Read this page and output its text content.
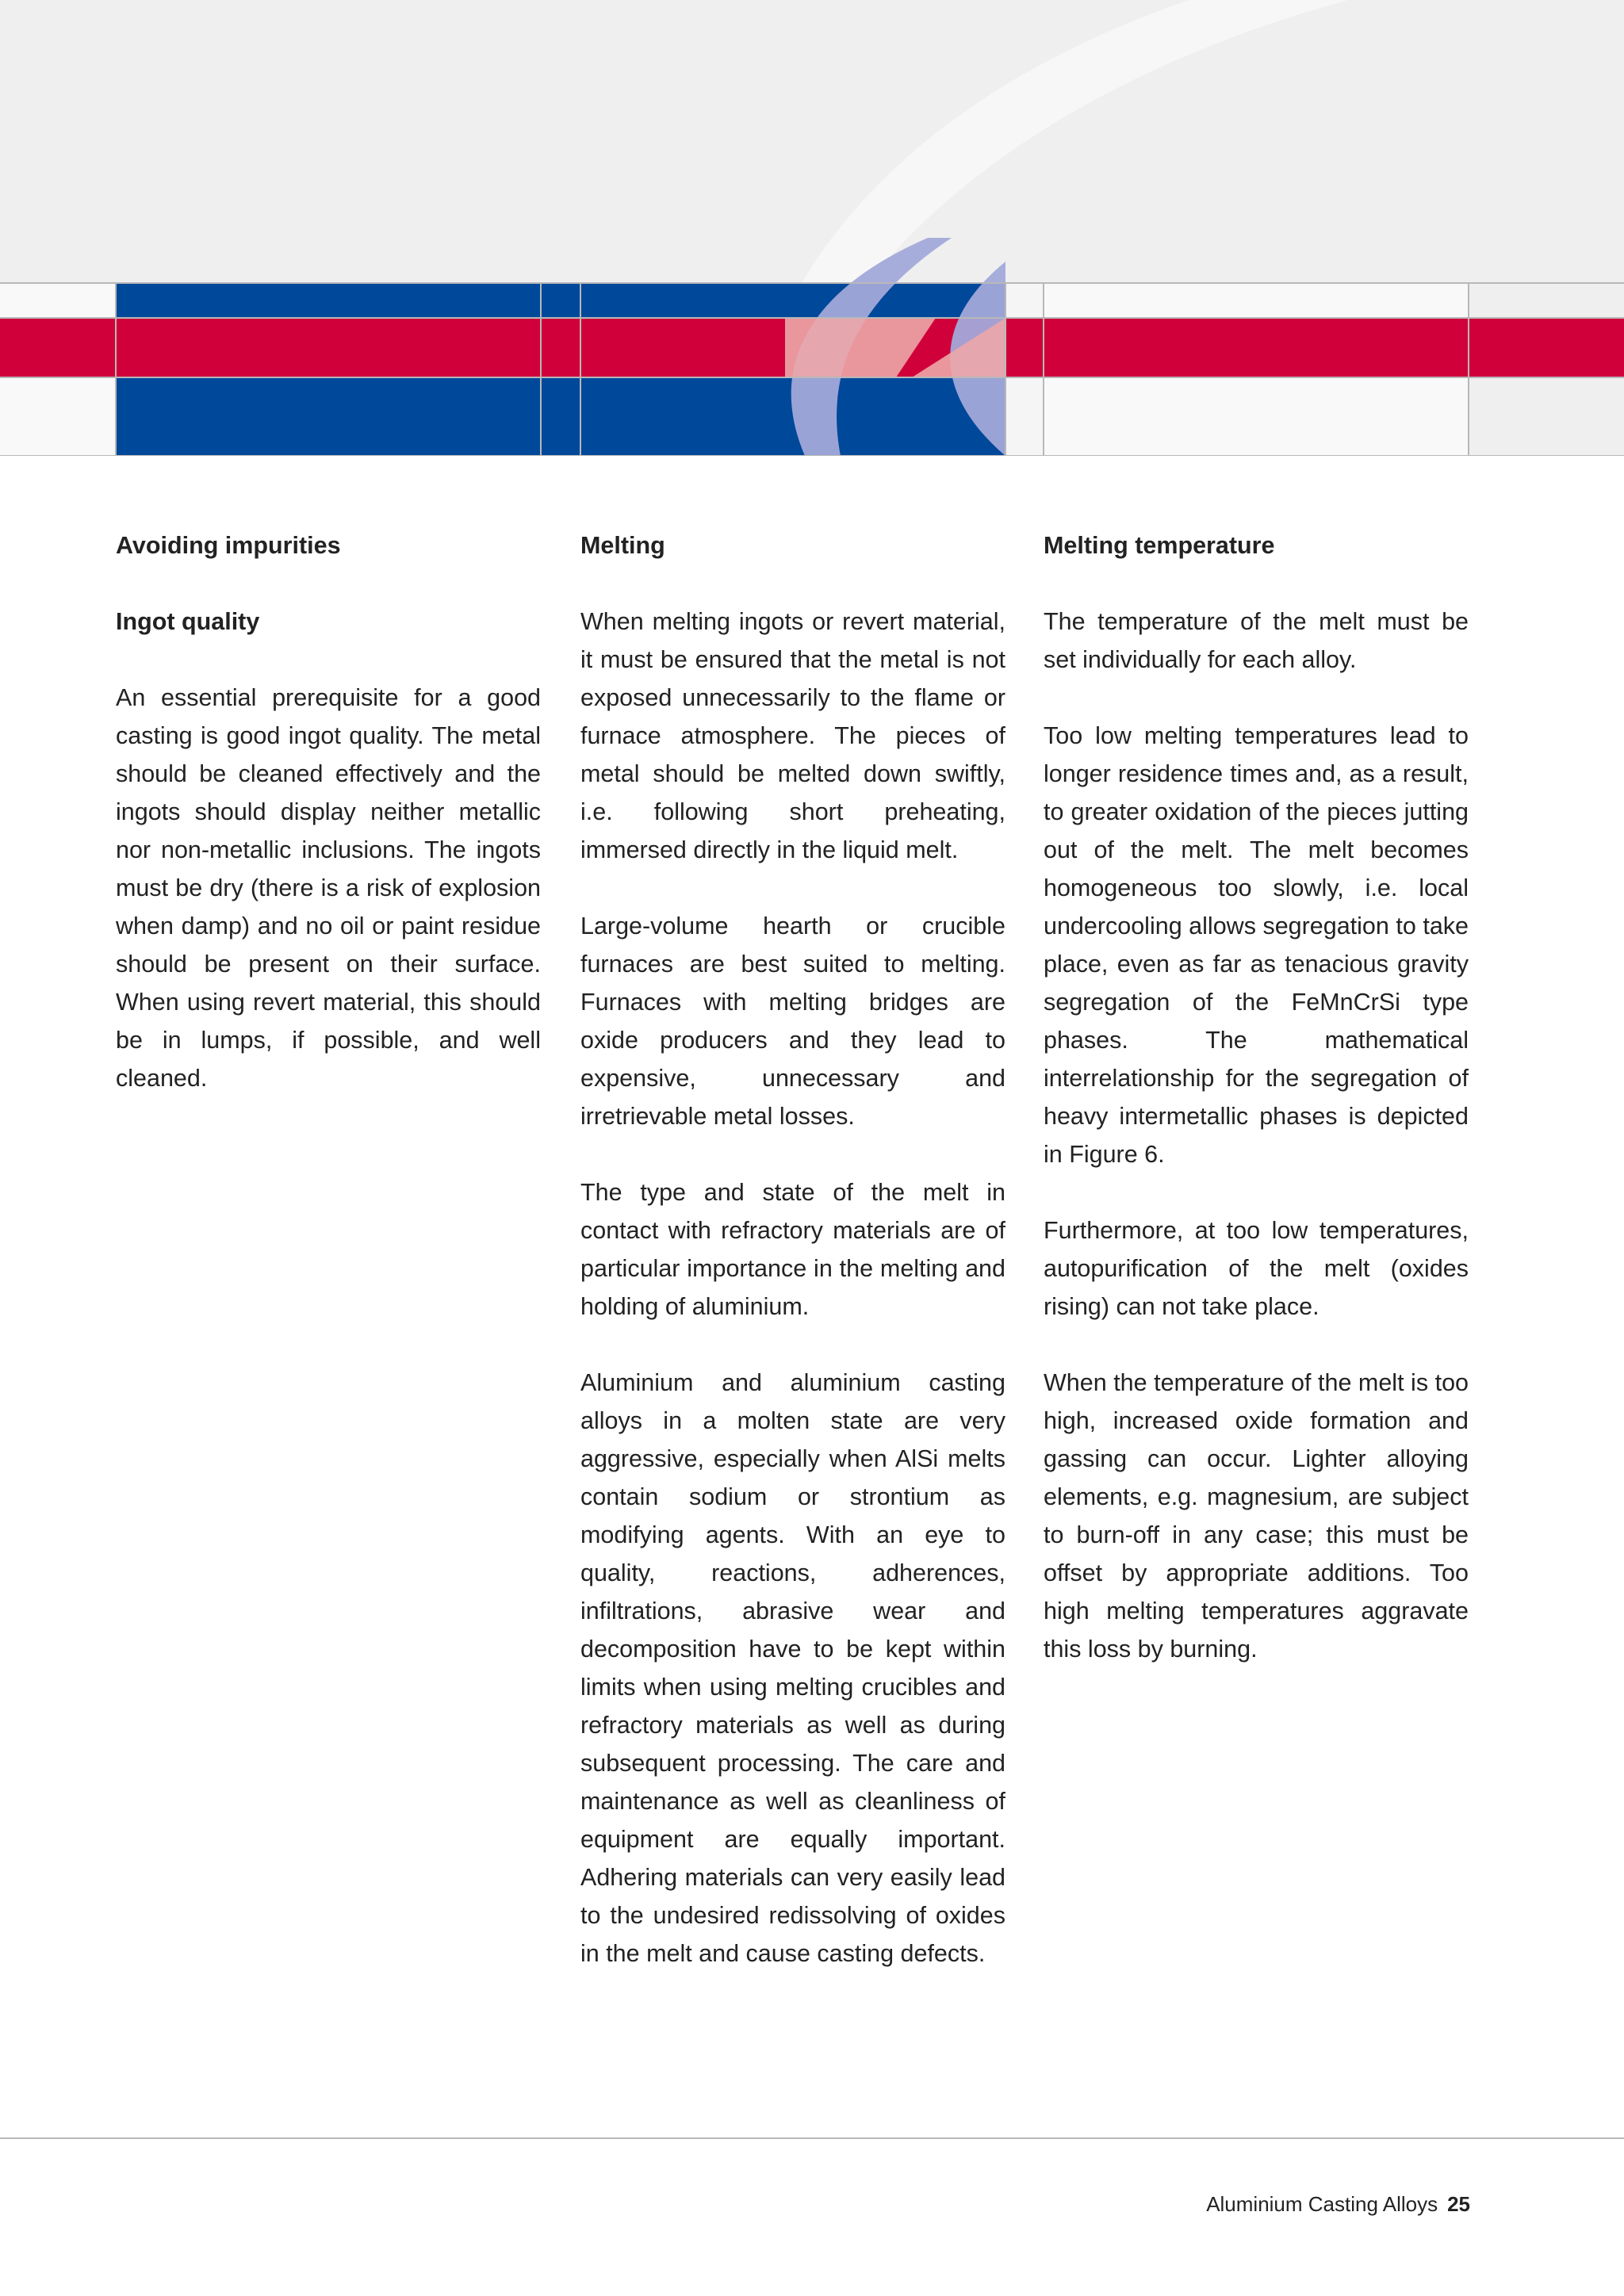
Avoiding impurities
Ingot quality

An essential prerequisite for a good casting is good ingot quality. The metal should be cleaned effectively and the ingots should display neither metallic nor non-metallic inclusions. The ingots must be dry (there is a risk of explosion when damp) and no oil or paint residue should be present on their surface. When using revert material, this should be in lumps, if possible, and well cleaned.

Melting

When melting ingots or revert material, it must be ensured that the metal is not exposed unnecessarily to the flame or furnace atmosphere. The pieces of metal should be melted down swiftly, i.e. following short preheating, immersed directly in the liquid melt.

Large-volume hearth or crucible furnaces are best suited to melting. Furnaces with melting bridges are oxide producers and they lead to expensive, unnecessary and irretrievable metal losses.

The type and state of the melt in contact with refractory materials are of particular importance in the melting and holding of aluminium.

Aluminium and aluminium casting alloys in a molten state are very aggressive, especially when AlSi melts contain sodium or strontium as modifying agents. With an eye to quality, reactions, adherences, infiltrations, abrasive wear and decomposition have to be kept within limits when using melting crucibles and refractory materials as well as during subsequent processing. The care and maintenance as well as cleanliness of equipment are equally important. Adhering materials can very easily lead to the undesired redissolving of oxides in the melt and cause casting defects.

Melting temperature

The temperature of the melt must be set individually for each alloy.

Too low melting temperatures lead to longer residence times and, as a result, to greater oxidation of the pieces jutting out of the melt. The melt becomes homogeneous too slowly, i.e. local undercooling allows segregation to take place, even as far as tenacious gravity segregation of the FeMnCrSi type phases. The mathematical interrelationship for the segregation of heavy intermetallic phases is depicted in Figure 6.

Furthermore, at too low temperatures, autopurification of the melt (oxides rising) can not take place.

When the temperature of the melt is too high, increased oxide formation and gassing can occur. Lighter alloying elements, e.g. magnesium, are subject to burn-off in any case; this must be offset by appropriate additions. Too high melting temperatures aggravate this loss by burning.

Aluminium Casting Alloys 25
